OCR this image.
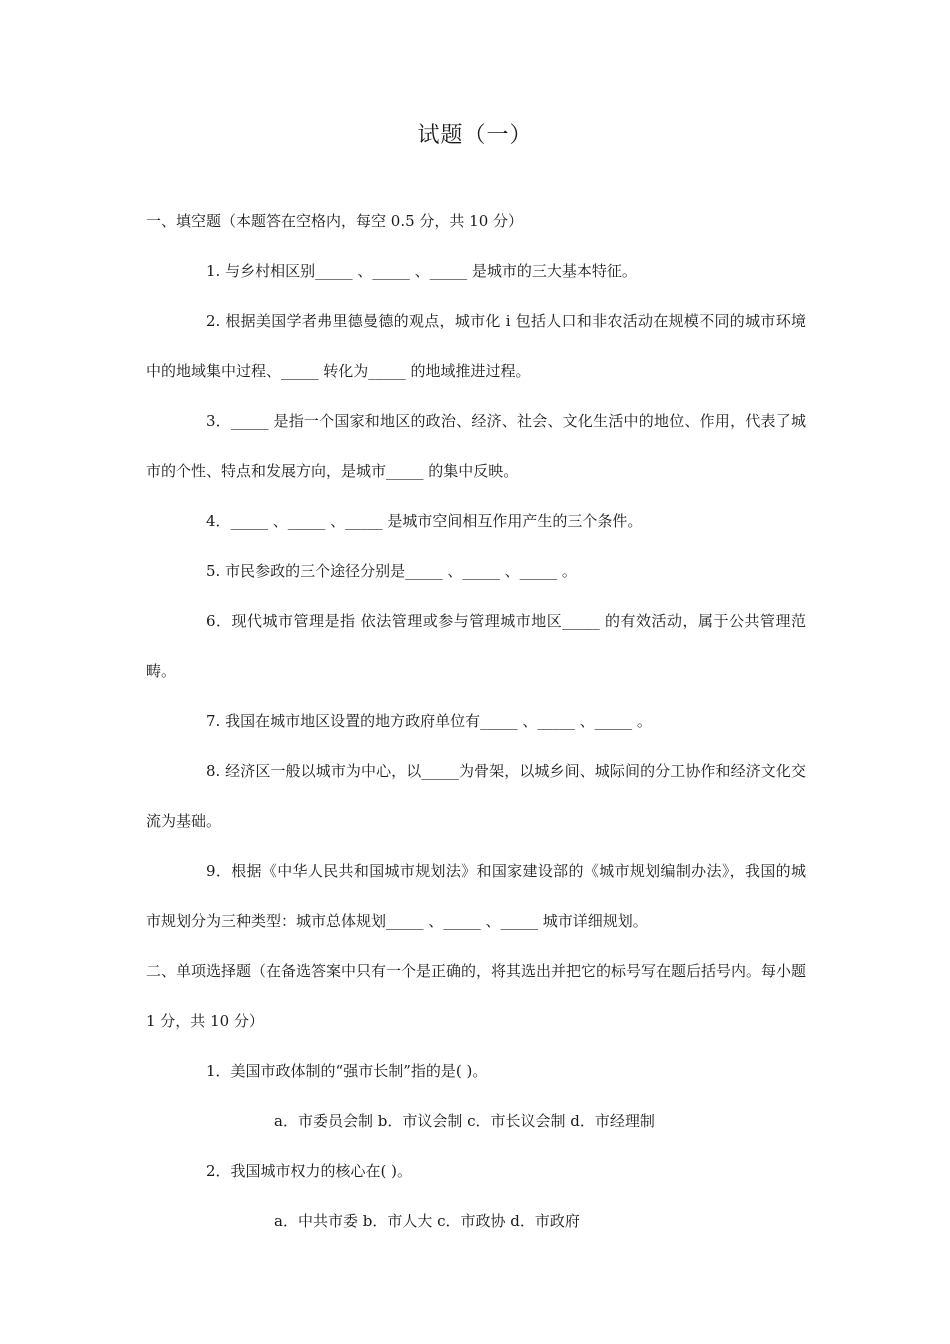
试题（一）
一、填空题（本题答在空格内，每空 0.5 分，共 10 分）
1. 与乡村相区别_____ 、_____ 、_____ 是城市的三大基本特征。
2. 根据美国学者弗里德曼德的观点，城市化 i 包括人口和非农活动在规模不同的城市环境中的地域集中过程、_____ 转化为_____ 的地域推进过程。
3．_____ 是指一个国家和地区的政治、经济、社会、文化生活中的地位、作用，代表了城市的个性、特点和发展方向，是城市_____ 的集中反映。
4．_____ 、_____ 、_____ 是城市空间相互作用产生的三个条件。
5. 市民参政的三个途径分别是_____ 、_____ 、_____ 。
6．现代城市管理是指 依法管理或参与管理城市地区_____ 的有效活动，属于公共管理范畴。
7. 我国在城市地区设置的地方政府单位有_____ 、_____ 、_____ 。
8. 经济区一般以城市为中心，以_____为骨架，以城乡间、城际间的分工协作和经济文化交流为基础。
9．根据《中华人民共和国城市规划法》和国家建设部的《城市规划编制办法》，我国的城市规划分为三种类型：城市总体规划_____ 、_____ 、_____ 城市详细规划。
二、单项选择题（在备选答案中只有一个是正确的，将其选出并把它的标号写在题后括号内。每小题 1 分，共 10 分）
1．美国市政体制的“强市长制”指的是( )。
a．市委员会制 b．市议会制 c．市长议会制 d．市经理制
2．我国城市权力的核心在( )。
a．中共市委 b．市人大 c．市政协 d．市政府
